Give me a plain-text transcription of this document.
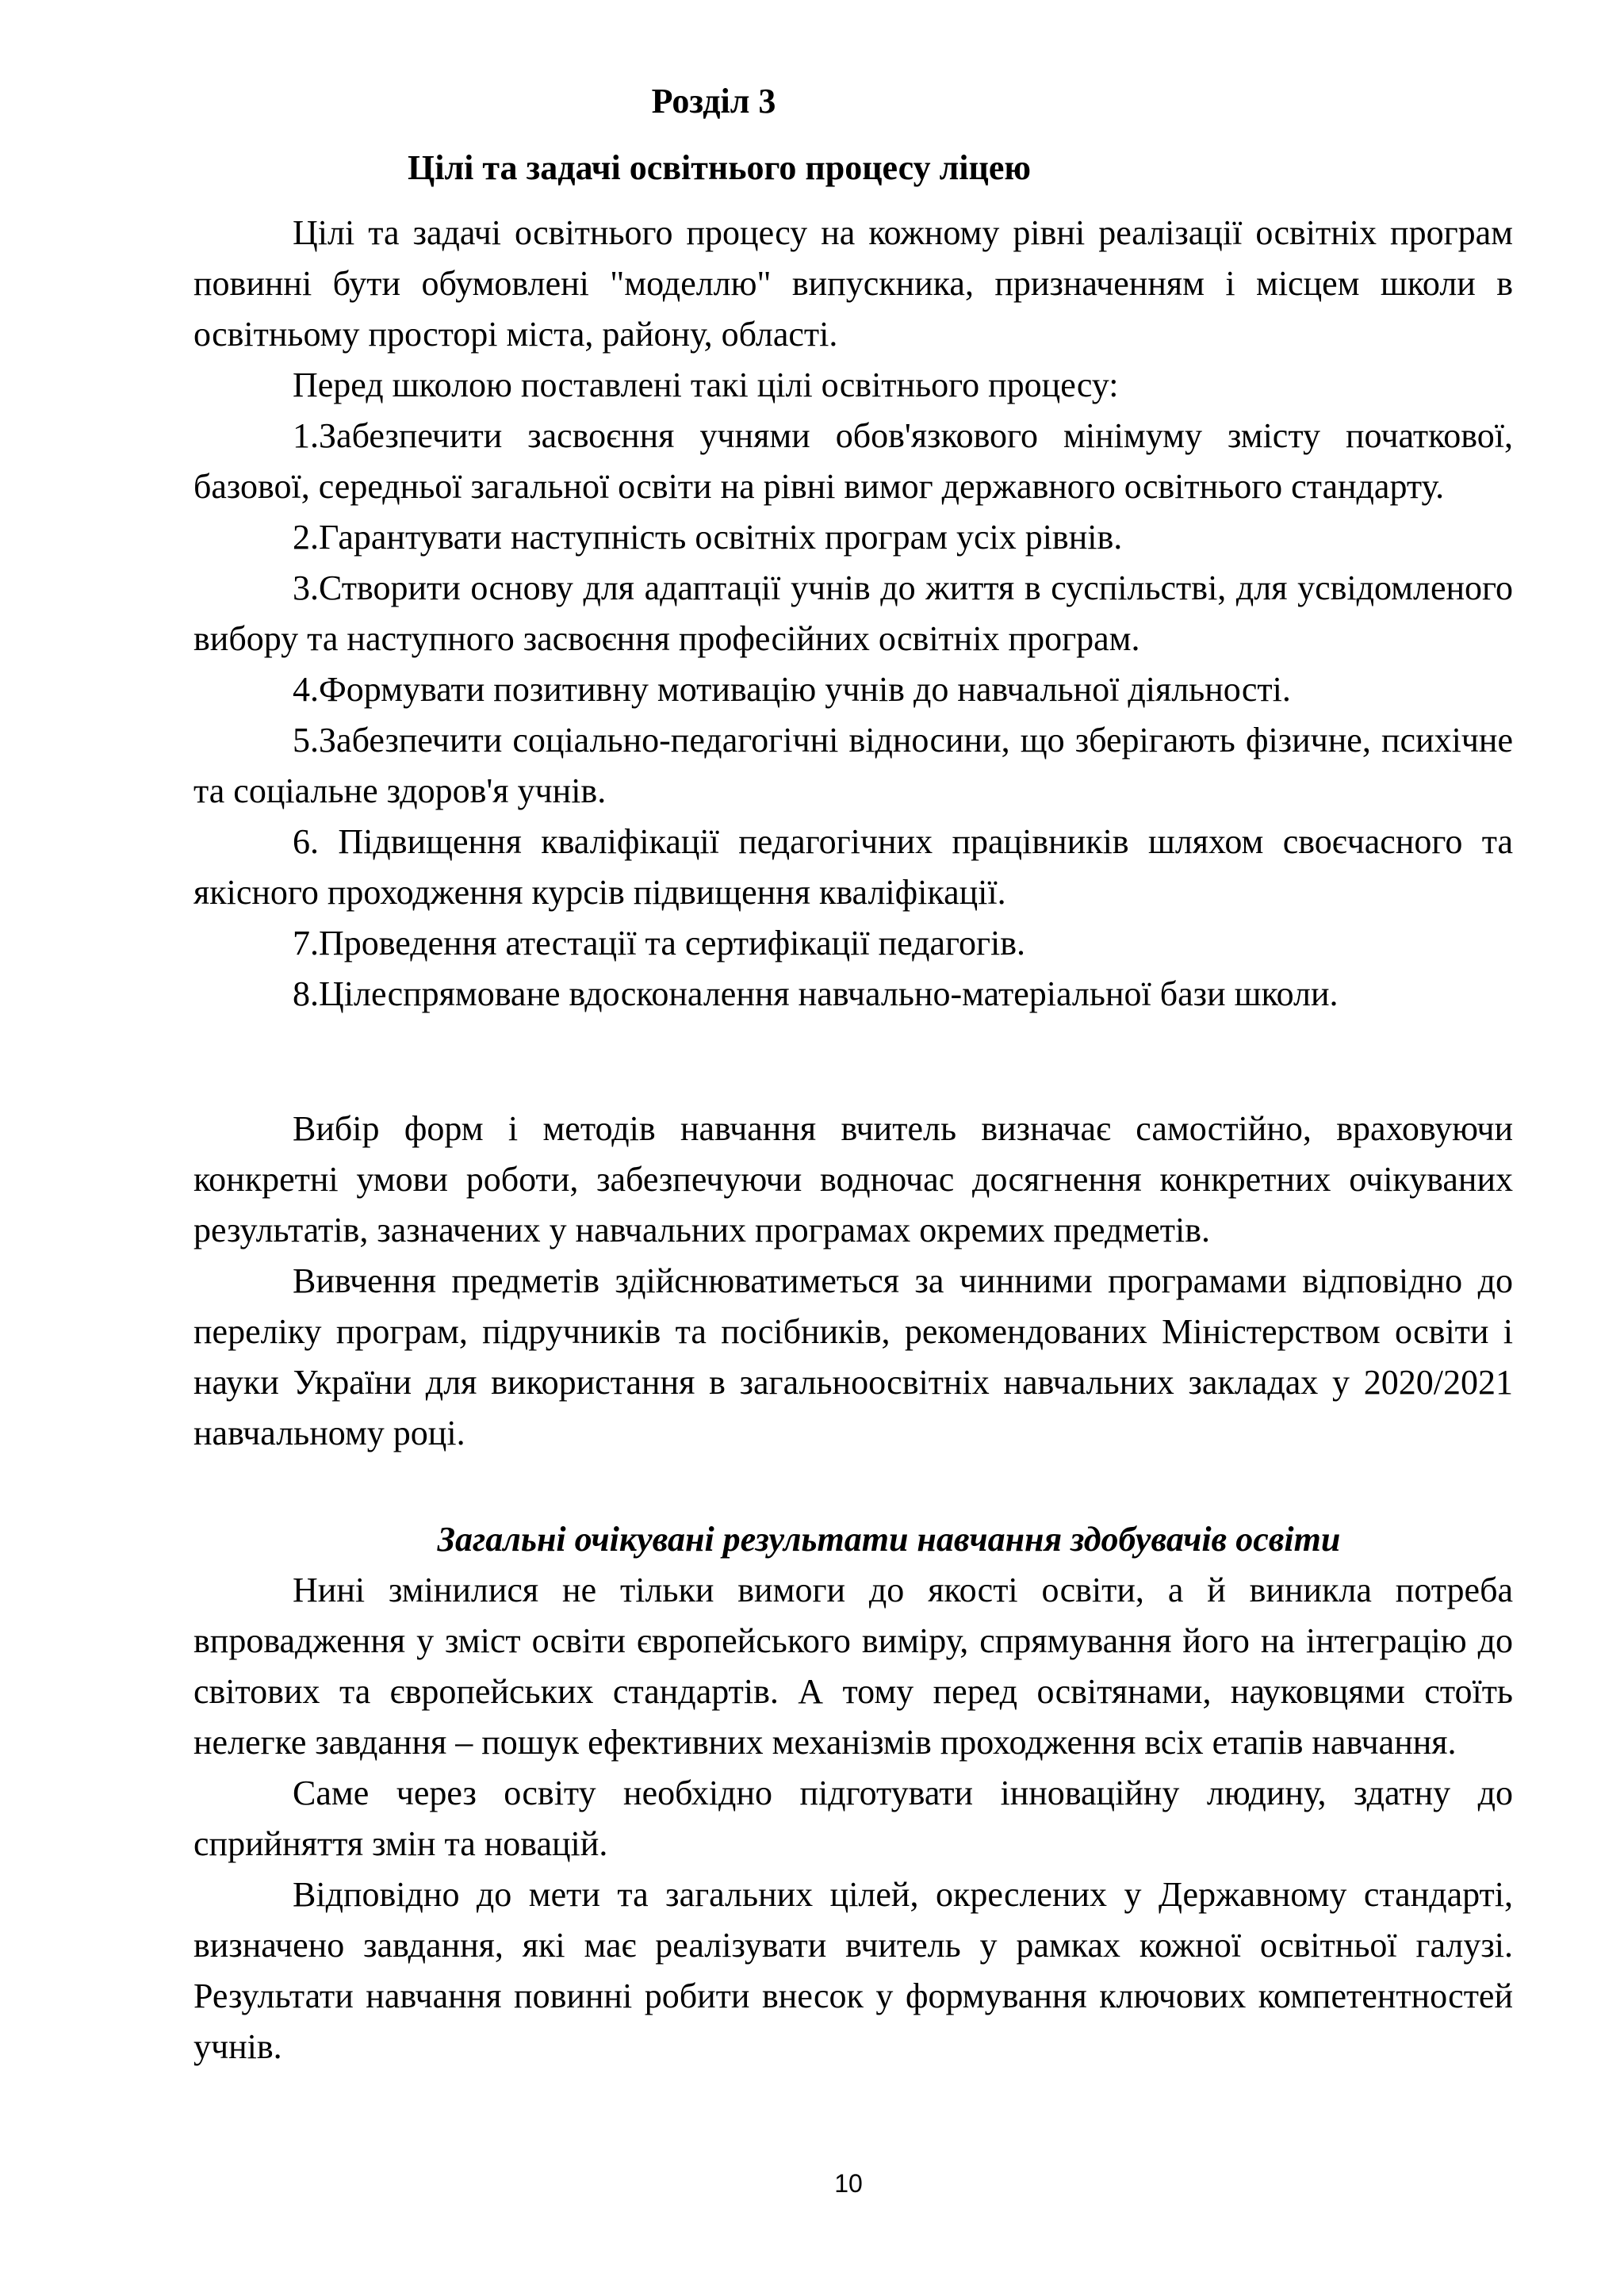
Розділ 3
Цілі та задачі освітнього процесу ліцею

Цілі та задачі освітнього процесу на кожному рівні реалізації освітніх програм повинні бути обумовлені "моделлю" випускника, призначенням і місцем школи в освітньому просторі міста, району, області.

Перед школою поставлені такі цілі освітнього процесу:

1.Забезпечити засвоєння учнями обов'язкового мінімуму змісту початкової, базової, середньої загальної освіти на рівні вимог державного освітнього стандарту.

2.Гарантувати наступність освітніх програм усіх рівнів.

3.Створити основу для адаптації учнів до життя в суспільстві, для усвідомленого вибору та наступного засвоєння професійних освітніх програм.

4.Формувати позитивну мотивацію учнів до навчальної діяльності.

5.Забезпечити соціально-педагогічні відносини, що зберігають фізичне, психічне та соціальне здоров'я учнів.

6. Підвищення кваліфікації педагогічних працівників шляхом своєчасного та якісного проходження курсів підвищення кваліфікації.

7.Проведення атестації та сертифікації педагогів.

8.Цілеспрямоване вдосконалення навчально-матеріальної бази школи.

Вибір форм і методів навчання вчитель визначає самостійно, враховуючи конкретні умови роботи, забезпечуючи водночас досягнення конкретних очікуваних результатів, зазначених у навчальних програмах окремих предметів.

Вивчення предметів здійснюватиметься за чинними програмами відповідно до переліку програм, підручників та посібників, рекомендованих Міністерством освіти і науки України для використання в загальноосвітніх навчальних закладах у 2020/2021 навчальному році.

Загальні очікувані результати навчання здобувачів освіти

Нині змінилися не тільки вимоги до якості освіти, а й виникла потреба впровадження у зміст освіти європейського виміру, спрямування його на інтеграцію до світових та європейських стандартів. А тому перед освітянами, науковцями стоїть нелегке завдання – пошук ефективних механізмів проходження всіх етапів навчання.

Саме через освіту необхідно підготувати інноваційну людину, здатну до сприйняття змін та новацій.

Відповідно до мети та загальних цілей, окреслених у Державному стандарті, визначено завдання, які має реалізувати вчитель у рамках кожної освітньої галузі. Результати навчання повинні робити внесок у формування ключових компетентностей учнів.

10
